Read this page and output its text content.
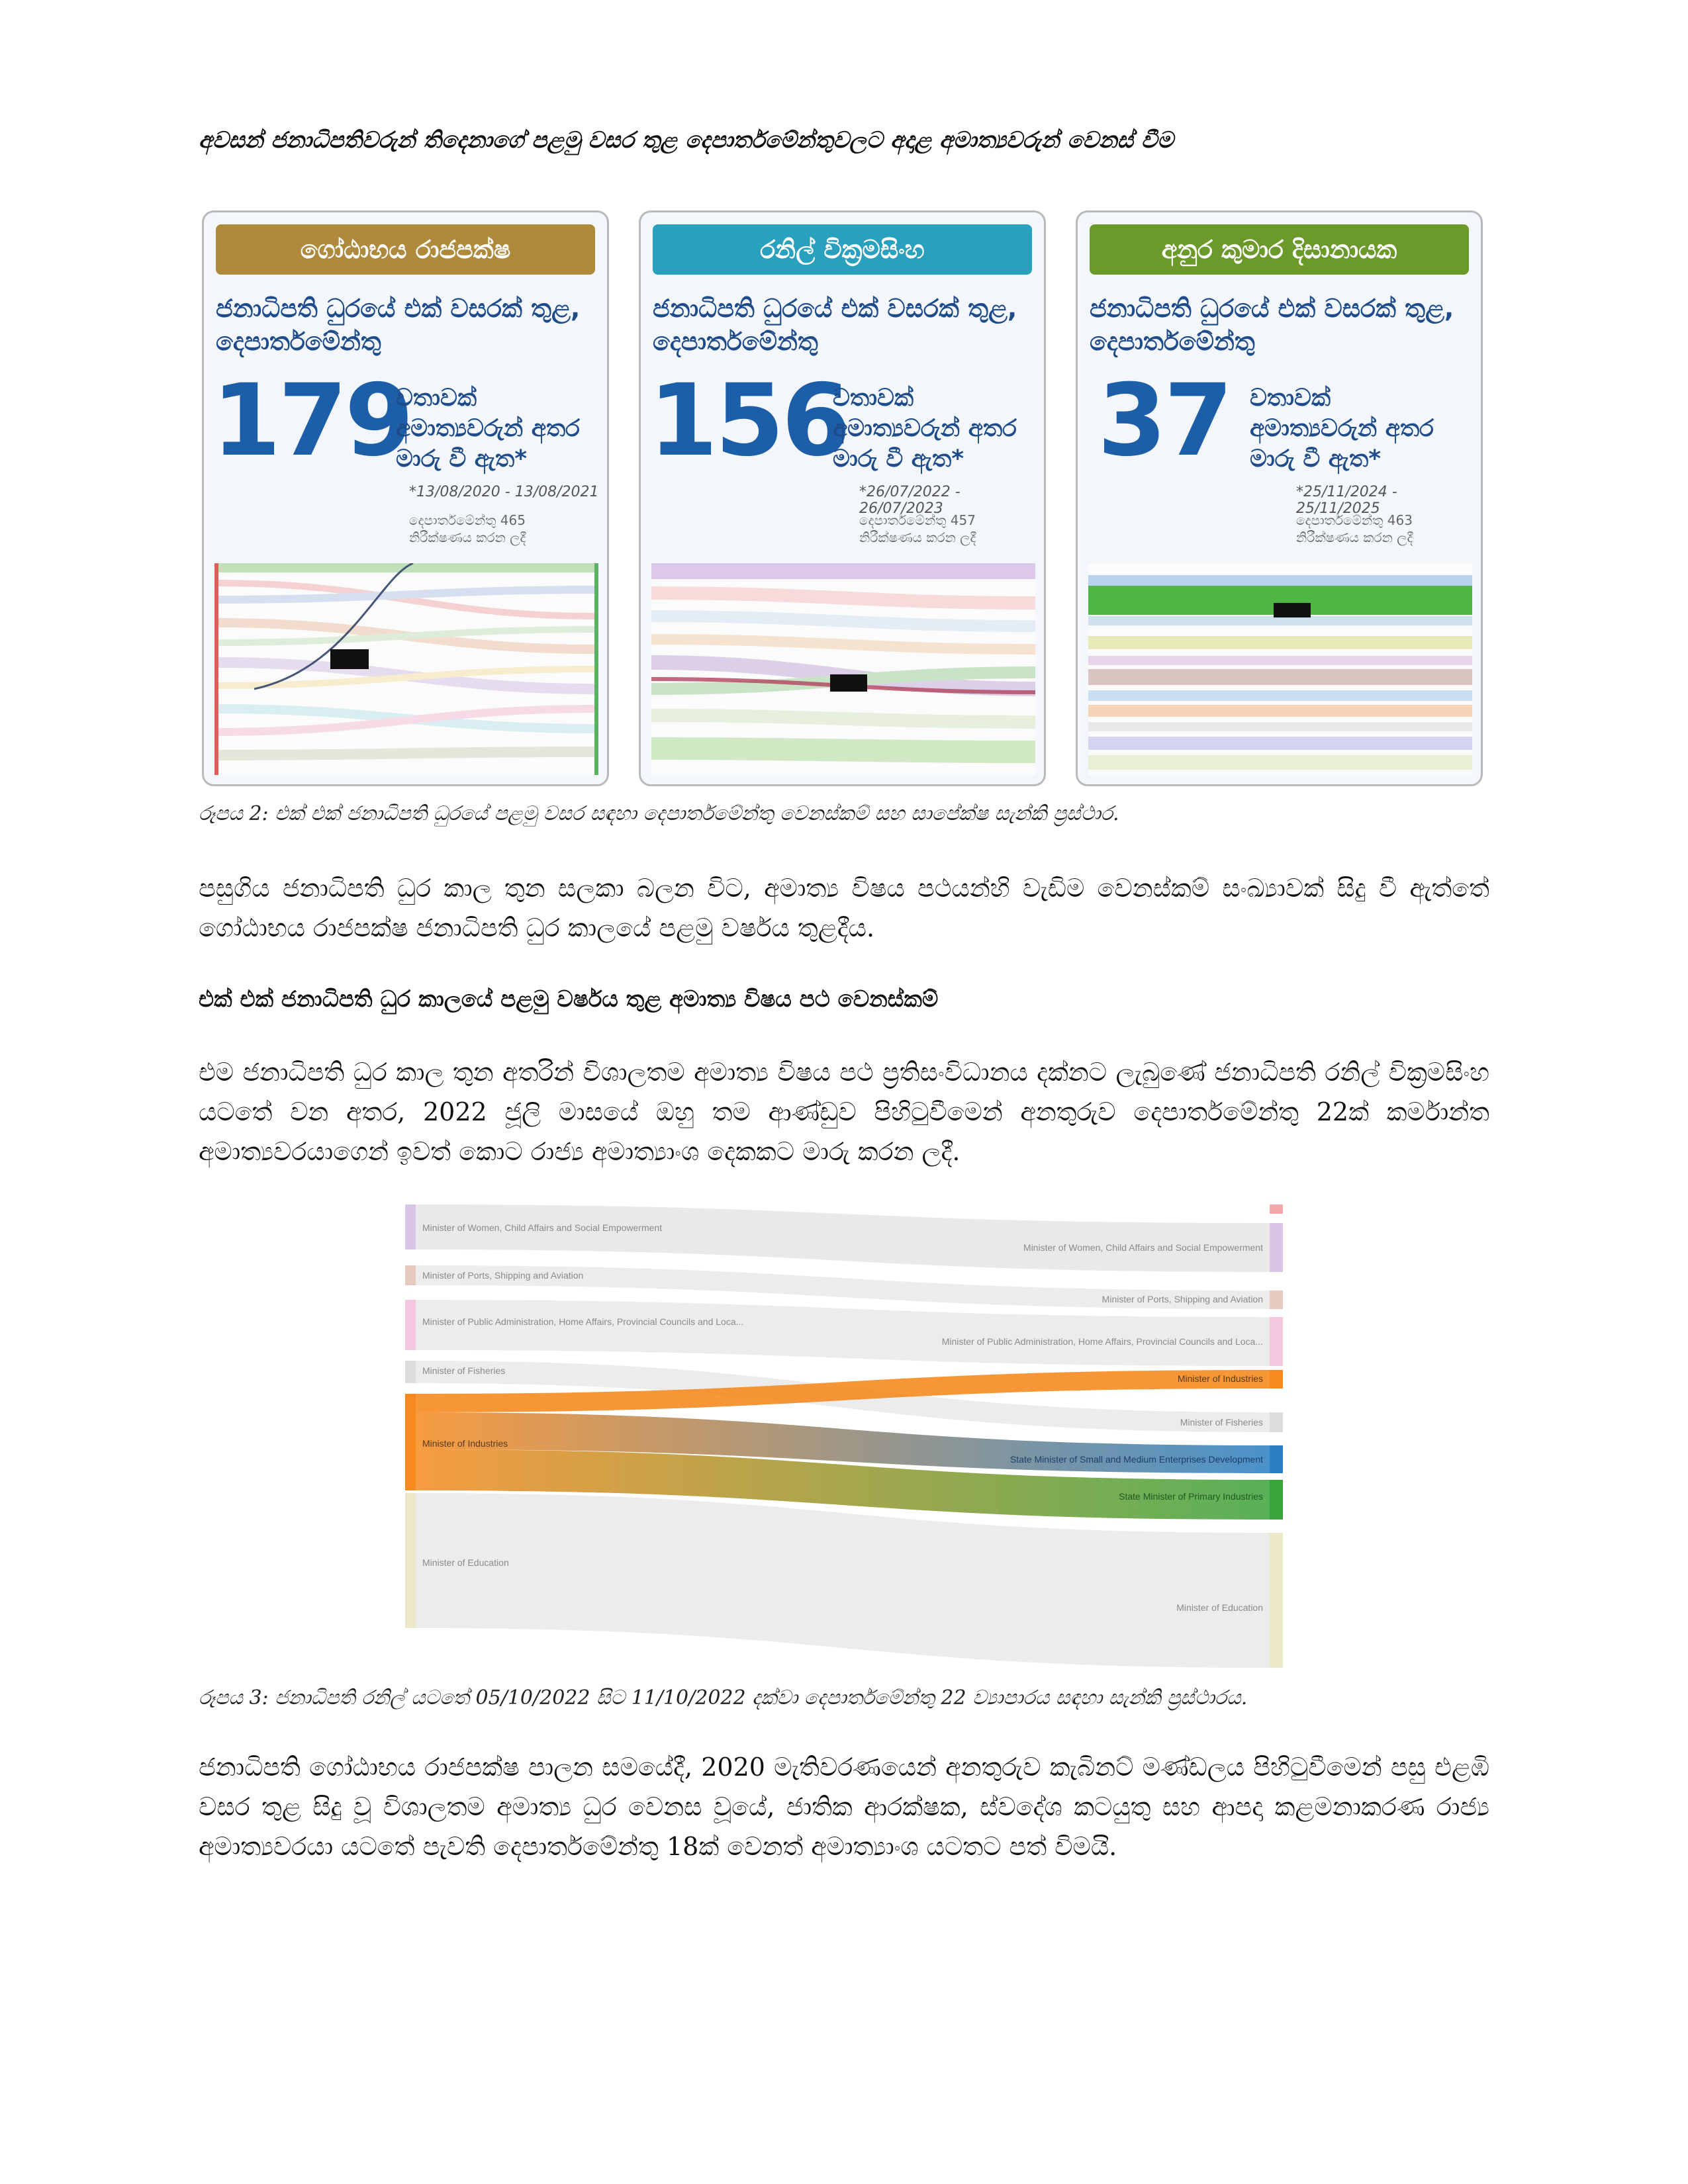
අවසන් ජනාධිපතිවරුන් තිදෙනාගේ පළමු වසර තුළ දෙපාර්තමේන්තුවලට අදාළ අමාත්‍යවරුන් වෙනස් වීම
ගෝඨාභය රාජපක්ෂ
ජනාධිපති ධුරයේ එක් වසරක් තුළ, දෙපාර්තමේන්තු
179
වතාවක් අමාත්‍යවරුන් අතර මාරු වී ඇත*
*13/08/2020 - 13/08/2021
දෙපාර්තමේන්තු 465 නිරීක්ෂණය කරන ලදී
රනිල් වික්‍රමසිංහ
ජනාධිපති ධුරයේ එක් වසරක් තුළ, දෙපාර්තමේන්තු
156
වතාවක් අමාත්‍යවරුන් අතර මාරු වී ඇත*
*26/07/2022 - 26/07/2023
දෙපාර්තමේන්තු 457 නිරීක්ෂණය කරන ලදී
අනුර කුමාර දිසානායක
ජනාධිපති ධුරයේ එක් වසරක් තුළ, දෙපාර්තමේන්තු
37 වතාවක් අමාත්‍යවරුන් අතර මාරු වී ඇත*
*25/11/2024 - 25/11/2025
දෙපාර්තමේන්තු 463 නිරීක්ෂණය කරන ලදී
රූපය 2: එක් එක් ජනාධිපති ධුරයේ පළමු වසර සඳහා දෙපාර්තමේන්තු වෙනස්කම් සහ සාපේක්ෂ සැන්කි ප්‍රස්ථාර.
පසුගිය ජනාධිපති ධුර කාල තුන සලකා බලන විට, අමාත්‍ය විෂය පථයන්හි වැඩිම වෙනස්කම් සංඛ්‍යාවක් සිදු වී ඇත්තේ ගෝඨාභය රාජපක්ෂ ජනාධිපති ධුර කාලයේ පළමු වර්ෂය තුළදීය.
එක් එක් ජනාධිපති ධුර කාලයේ පළමු වර්ෂය තුළ අමාත්‍ය විෂය පථ වෙනස්කම්
එම ජනාධිපති ධුර කාල තුන අතරින් විශාලතම අමාත්‍ය විෂය පථ ප්‍රතිසංවිධානය දක්නට ලැබුණේ ජනාධිපති රනිල් වික්‍රමසිංහ යටතේ වන අතර, 2022 ජූලි මාසයේ ඔහු තම ආණ්ඩුව පිහිටුවීමෙන් අනතුරුව දෙපාර්තමේන්තු 22ක් කර්මාන්ත අමාත්‍යවරයාගෙන් ඉවත් කොට රාජ්‍ය අමාත්‍යාංශ දෙකකට මාරු කරන ලදී.
Minister of Women, Child Affairs and Social Empowerment
Minister of Ports, Shipping and Aviation
Minister of Public Administration, Home Affairs, Provincial Councils and Loca...
Minister of Fisheries
Minister of Industries
Minister of Education
Minister of Women, Child Affairs and Social Empowerment
Minister of Ports, Shipping and Aviation
Minister of Public Administration, Home Affairs, Provincial Councils and Loca...
Minister of Industries
Minister of Fisheries
State Minister of Small and Medium Enterprises Development
State Minister of Primary Industries
Minister of Education
රූපය 3: ජනාධිපති රනිල් යටතේ 05/10/2022 සිට 11/10/2022 දක්වා දෙපාර්තමේන්තු 22 ව්‍යාපාරය සඳහා සැන්කි ප්‍රස්ථාරය.
ජනාධිපති ගෝඨාභය රාජපක්ෂ පාලන සමයේදී, 2020 මැතිවරණයෙන් අනතුරුව කැබිනට් මණ්ඩලය පිහිටුවීමෙන් පසු එළඹි වසර තුළ සිදු වූ විශාලතම අමාත්‍ය ධුර වෙනස වූයේ, ජාතික ආරක්ෂක, ස්වදේශ කටයුතු සහ ආපදා කළමනාකරණ රාජ්‍ය අමාත්‍යවරයා යටතේ පැවති දෙපාර්තමේන්තු 18ක් වෙනත් අමාත්‍යාංශ යටතට පත් විමයි.
